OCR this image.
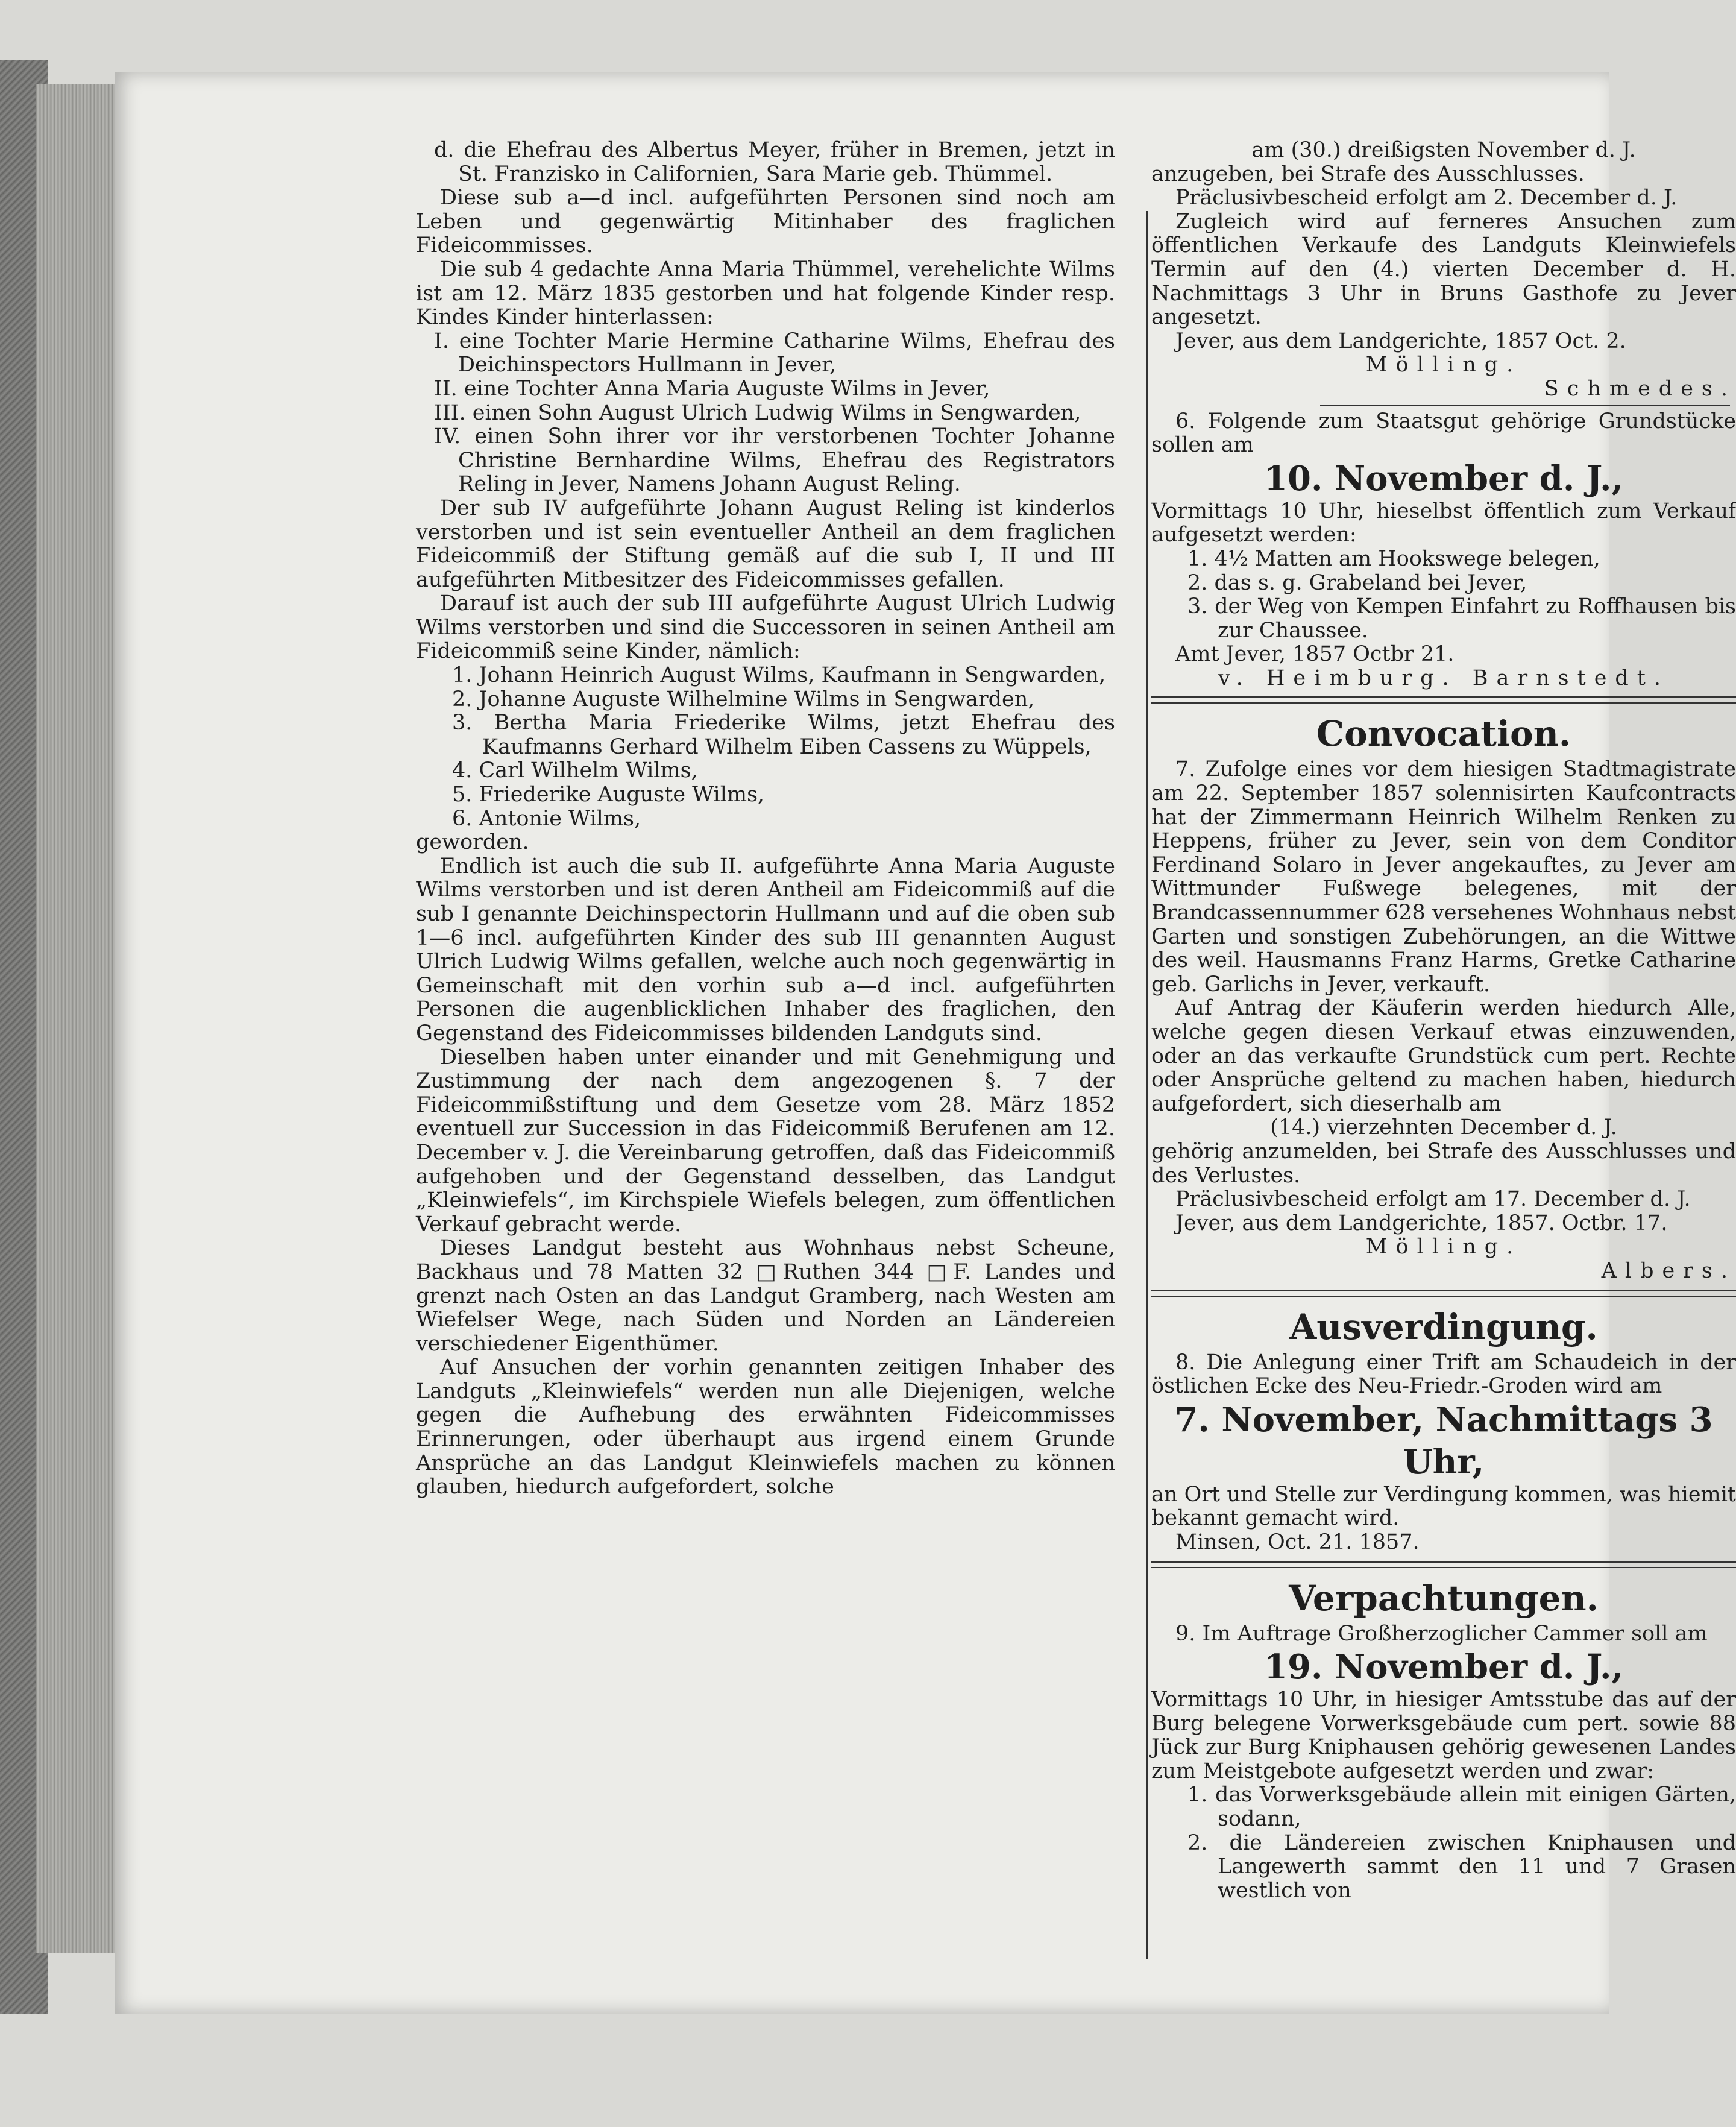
d. die Ehefrau des Albertus Meyer, früher in Bremen, jetzt in St. Franzisko in Californien, Sara Marie geb. Thümmel.

Diese sub a—d incl. aufgeführten Personen sind noch am Leben und gegenwärtig Mitinhaber des fraglichen Fideicommisses.

Die sub 4 gedachte Anna Maria Thümmel, verehelichte Wilms ist am 12. März 1835 gestorben und hat folgende Kinder resp. Kindes Kinder hinterlassen:

I. eine Tochter Marie Hermine Catharine Wilms, Ehefrau des Deichinspectors Hullmann in Jever,

II. eine Tochter Anna Maria Auguste Wilms in Jever,

III. einen Sohn August Ulrich Ludwig Wilms in Sengwarden,

IV. einen Sohn ihrer vor ihr verstorbenen Tochter Johanne Christine Bernhardine Wilms, Ehefrau des Registrators Reling in Jever, Namens Johann August Reling.

Der sub IV aufgeführte Johann August Reling ist kinderlos verstorben und ist sein eventueller Antheil an dem fraglichen Fideicommiß der Stiftung gemäß auf die sub I, II und III aufgeführten Mitbesitzer des Fideicommisses gefallen.

Darauf ist auch der sub III aufgeführte August Ulrich Ludwig Wilms verstorben und sind die Successoren in seinen Antheil am Fideicommiß seine Kinder, nämlich:

1. Johann Heinrich August Wilms, Kaufmann in Sengwarden,

2. Johanne Auguste Wilhelmine Wilms in Sengwarden,

3. Bertha Maria Friederike Wilms, jetzt Ehefrau des Kaufmanns Gerhard Wilhelm Eiben Cassens zu Wüppels,

4. Carl Wilhelm Wilms,

5. Friederike Auguste Wilms,

6. Antonie Wilms,

geworden.

Endlich ist auch die sub II. aufgeführte Anna Maria Auguste Wilms verstorben und ist deren Antheil am Fideicommiß auf die sub I genannte Deichinspectorin Hullmann und auf die oben sub 1—6 incl. aufgeführten Kinder des sub III genannten August Ulrich Ludwig Wilms gefallen, welche auch noch gegenwärtig in Gemeinschaft mit den vorhin sub a—d incl. aufgeführten Personen die augenblicklichen Inhaber des fraglichen, den Gegenstand des Fideicommisses bildenden Landguts sind.

Dieselben haben unter einander und mit Genehmigung und Zustimmung der nach dem angezogenen §. 7 der Fideicommißstiftung und dem Gesetze vom 28. März 1852 eventuell zur Succession in das Fideicommiß Berufenen am 12. December v. J. die Vereinbarung getroffen, daß das Fideicommiß aufgehoben und der Gegenstand desselben, das Landgut „Kleinwiefels“, im Kirchspiele Wiefels belegen, zum öffentlichen Verkauf gebracht werde.

Dieses Landgut besteht aus Wohnhaus nebst Scheune, Backhaus und 78 Matten 32 □Ruthen 344 □F. Landes und grenzt nach Osten an das Landgut Gramberg, nach Westen am Wiefelser Wege, nach Süden und Norden an Ländereien verschiedener Eigenthümer.

Auf Ansuchen der vorhin genannten zeitigen Inhaber des Landguts „Kleinwiefels“ werden nun alle Diejenigen, welche gegen die Aufhebung des erwähnten Fideicommisses Erinnerungen, oder überhaupt aus irgend einem Grunde Ansprüche an das Landgut Kleinwiefels machen zu können glauben, hiedurch aufgefordert, solche

am (30.) dreißigsten November d. J.

anzugeben, bei Strafe des Ausschlusses.

Präclusivbescheid erfolgt am 2. December d. J.

Zugleich wird auf ferneres Ansuchen zum öffentlichen Verkaufe des Landguts Kleinwiefels Termin auf den (4.) vierten December d. H. Nachmittags 3 Uhr in Bruns Gasthofe zu Jever angesetzt.

Jever, aus dem Landgerichte, 1857 Oct. 2.

Mölling.

Schmedes.

6. Folgende zum Staatsgut gehörige Grundstücke sollen am

10. November d. J.,

Vormittags 10 Uhr, hieselbst öffentlich zum Verkauf aufgesetzt werden:

1. 4½ Matten am Hookswege belegen,

2. das s. g. Grabeland bei Jever,

3. der Weg von Kempen Einfahrt zu Roffhausen bis zur Chaussee.

Amt Jever, 1857 Octbr 21.

v. Heimburg. Barnstedt.

Convocation.

7. Zufolge eines vor dem hiesigen Stadtmagistrate am 22. September 1857 solennisirten Kaufcontracts hat der Zimmermann Heinrich Wilhelm Renken zu Heppens, früher zu Jever, sein von dem Conditor Ferdinand Solaro in Jever angekauftes, zu Jever am Wittmunder Fußwege belegenes, mit der Brandcassennummer 628 versehenes Wohnhaus nebst Garten und sonstigen Zubehörungen, an die Wittwe des weil. Hausmanns Franz Harms, Gretke Catharine geb. Garlichs in Jever, verkauft.

Auf Antrag der Käuferin werden hiedurch Alle, welche gegen diesen Verkauf etwas einzuwenden, oder an das verkaufte Grundstück cum pert. Rechte oder Ansprüche geltend zu machen haben, hiedurch aufgefordert, sich dieserhalb am

(14.) vierzehnten December d. J.

gehörig anzumelden, bei Strafe des Ausschlusses und des Verlustes.

Präclusivbescheid erfolgt am 17. December d. J.

Jever, aus dem Landgerichte, 1857. Octbr. 17.

Mölling.

Albers.

Ausverdingung.

8. Die Anlegung einer Trift am Schaudeich in der östlichen Ecke des Neu-Friedr.-Groden wird am

7. November, Nachmittags 3 Uhr,

an Ort und Stelle zur Verdingung kommen, was hiemit bekannt gemacht wird.

Minsen, Oct. 21. 1857.

Verpachtungen.

9. Im Auftrage Großherzoglicher Cammer soll am

19. November d. J.,

Vormittags 10 Uhr, in hiesiger Amtsstube das auf der Burg belegene Vorwerksgebäude cum pert. sowie 88 Jück zur Burg Kniphausen gehörig gewesenen Landes zum Meistgebote aufgesetzt werden und zwar:

1. das Vorwerksgebäude allein mit einigen Gärten, sodann,

2. die Ländereien zwischen Kniphausen und Langewerth sammt den 11 und 7 Grasen westlich von
